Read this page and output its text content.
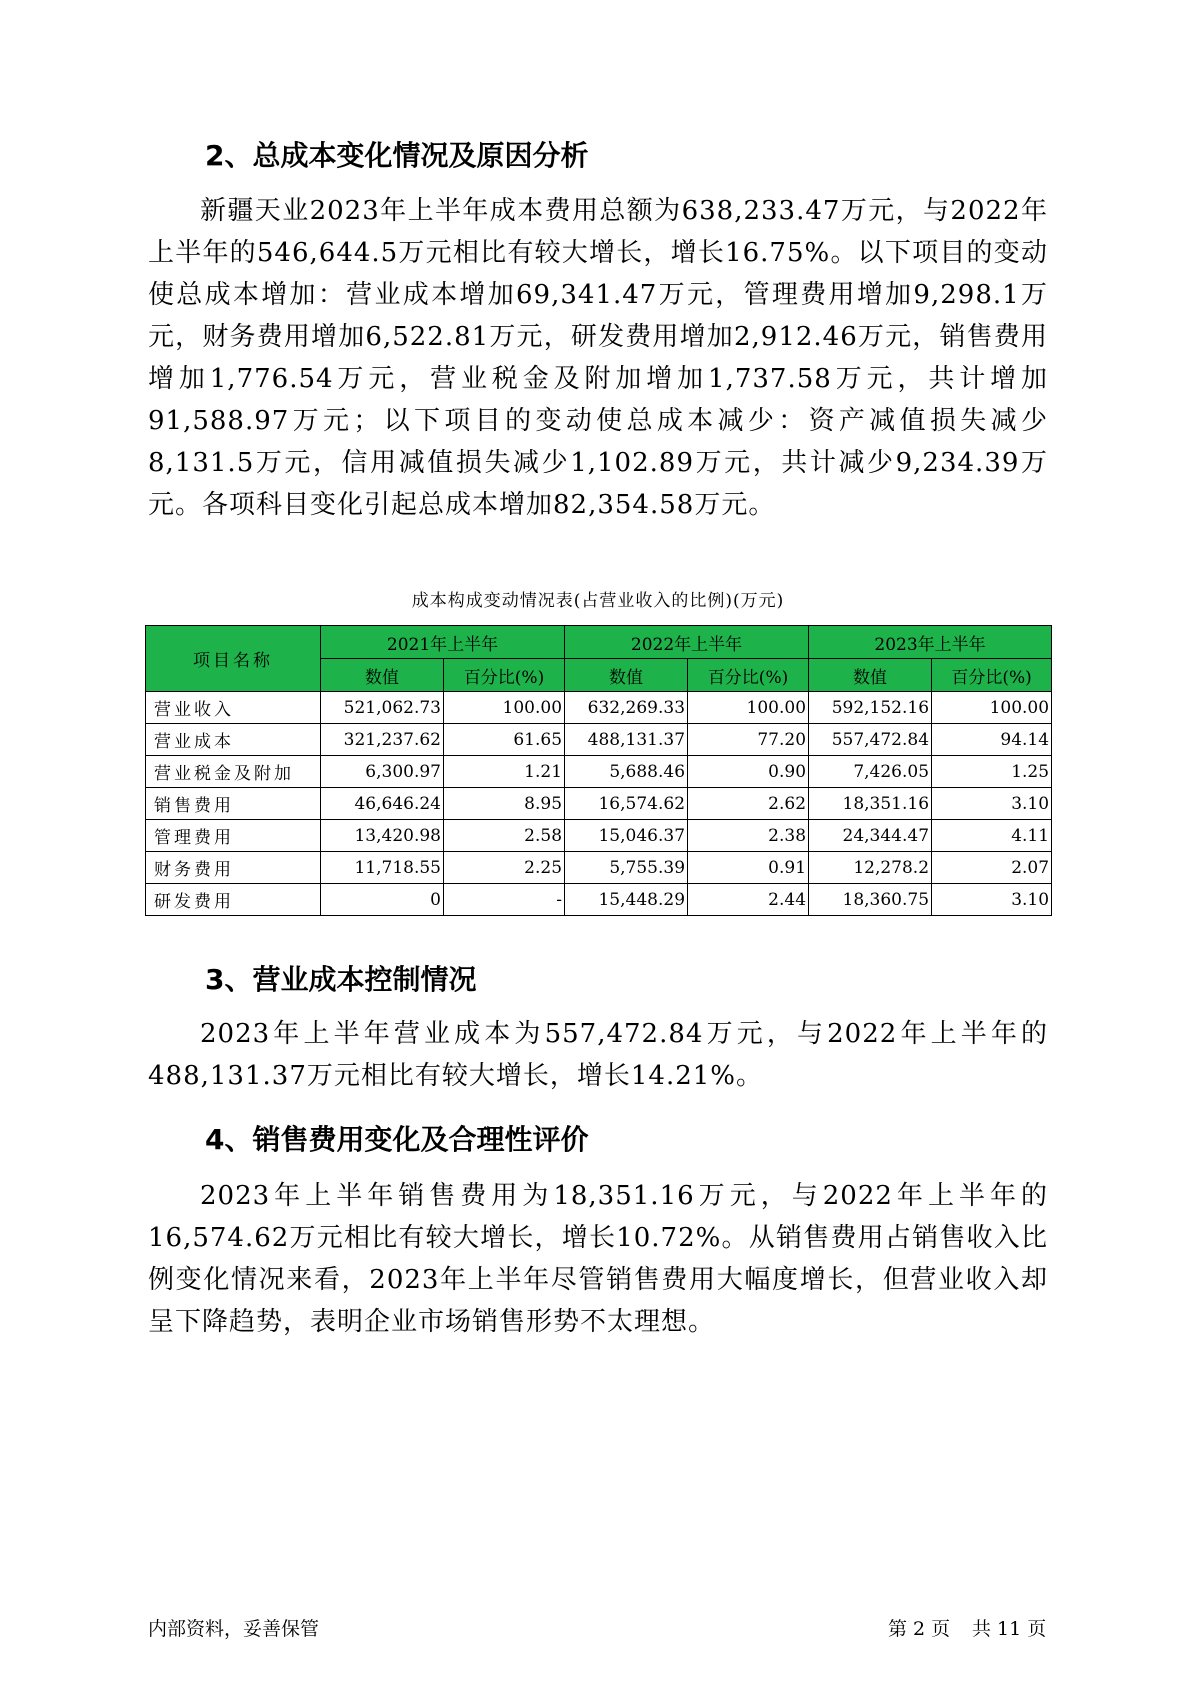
2、总成本变化情况及原因分析

新疆天业2023年上半年成本费用总额为638,233.47万元，与2022年上半年的546,644.5万元相比有较大增长，增长16.75%。以下项目的变动使总成本增加：营业成本增加69,341.47万元，管理费用增加9,298.1万元，财务费用增加6,522.81万元，研发费用增加2,912.46万元，销售费用增加1,776.54万元，营业税金及附加增加1,737.58万元，共计增加91,588.97万元；以下项目的变动使总成本减少：资产减值损失减少8,131.5万元，信用减值损失减少1,102.89万元，共计减少9,234.39万元。各项科目变化引起总成本增加82,354.58万元。

成本构成变动情况表(占营业收入的比例)(万元)
项目名称	2021年上半年		2022年上半年		2023年上半年	
	数值	百分比(%)	数值	百分比(%)	数值	百分比(%)
营业收入	521,062.73	100.00	632,269.33	100.00	592,152.16	100.00
营业成本	321,237.62	61.65	488,131.37	77.20	557,472.84	94.14
营业税金及附加	6,300.97	1.21	5,688.46	0.90	7,426.05	1.25
销售费用	46,646.24	8.95	16,574.62	2.62	18,351.16	3.10
管理费用	13,420.98	2.58	15,046.37	2.38	24,344.47	4.11
财务费用	11,718.55	2.25	5,755.39	0.91	12,278.2	2.07
研发费用	0	-	15,448.29	2.44	18,360.75	3.10
3、营业成本控制情况

2023年上半年营业成本为557,472.84万元，与2022年上半年的488,131.37万元相比有较大增长，增长14.21%。

4、销售费用变化及合理性评价

2023年上半年销售费用为18,351.16万元，与2022年上半年的16,574.62万元相比有较大增长，增长10.72%。从销售费用占销售收入比例变化情况来看，2023年上半年尽管销售费用大幅度增长，但营业收入却呈下降趋势，表明企业市场销售形势不太理想。

内部资料，妥善保管	第 2 页 共 11 页
